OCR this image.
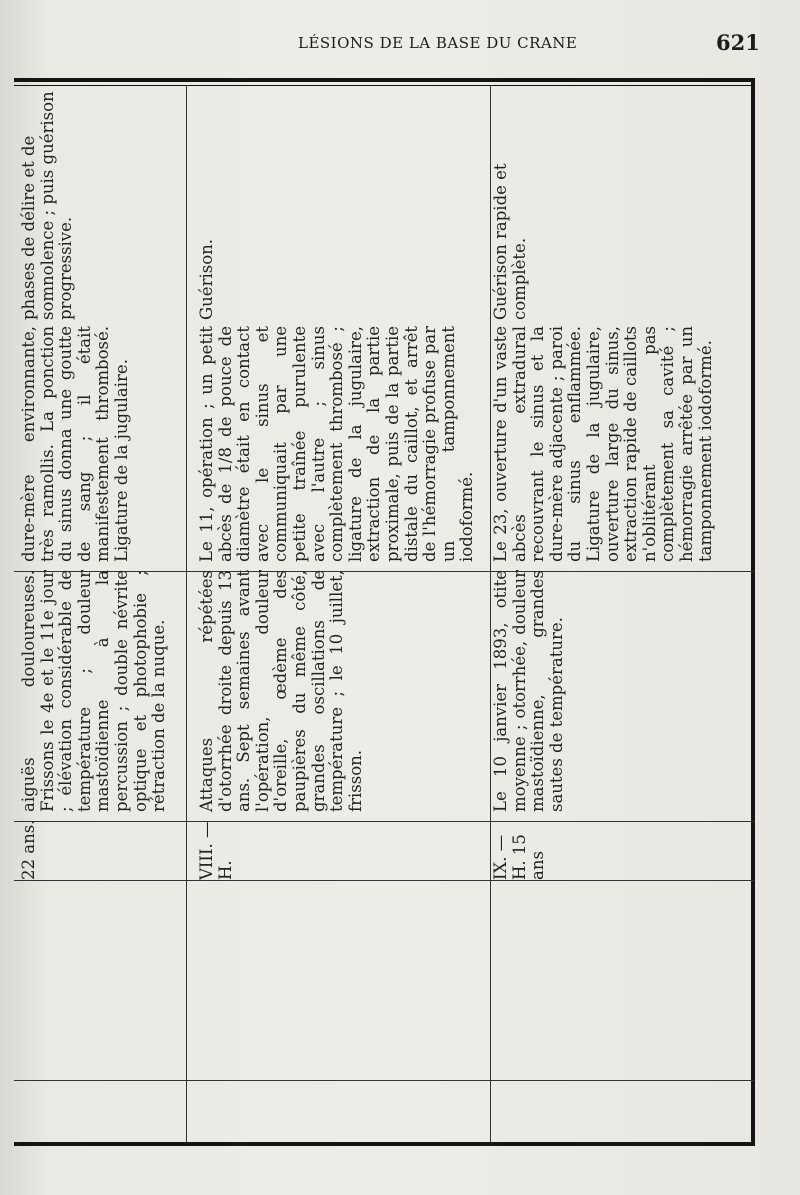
LÉSIONS DE LA BASE DU CRANE	621
22 ans.
aiguës douloureuses. Frissons le 4e et le 11e jour ; élévation considérable de température ; douleur mastoïdienne à la percussion ; double névrite optique et photophobie ; rétraction de la nuque.
dure-mère environnante, très ramollis. La ponction du sinus donna une goutte de sang ; il était manifestement thrombosé. Ligature de la jugulaire.
phases de délire et de somnolence ; puis guérison progressive.
VIII. — H.
Attaques répétées d'otorrhée droite depuis 13 ans. Sept semaines avant l'opération, douleur d'oreille, œdème des paupières du même côté, grandes oscillations de température ; le 10 juillet, frisson.
Le 11, opération ; un petit abcès de 1/8 de pouce de diamètre était en contact avec le sinus et communiquait par une petite traînée purulente avec l'autre ; sinus complètement thrombosé ; ligature de la jugulaire, extraction de la partie proximale, puis de la partie distale du caillot, et arrêt de l'hémorragie profuse par un tamponnement iodoformé.
Guérison.
IX. — H. 15 ans
Le 10 janvier 1893, otite moyenne ; otorrhée, douleur mastoïdienne, grandes sautes de température.
Le 23, ouverture d'un vaste abcès extradural recouvrant le sinus et la dure-mère adjacente ; paroi du sinus enflammée. Ligature de la jugulaire, ouverture large du sinus, extraction rapide de caillots n'oblitérant pas complètement sa cavité ; hémorragie arrêtée par un tamponnement iodoformé.
Guérison rapide et complète.
